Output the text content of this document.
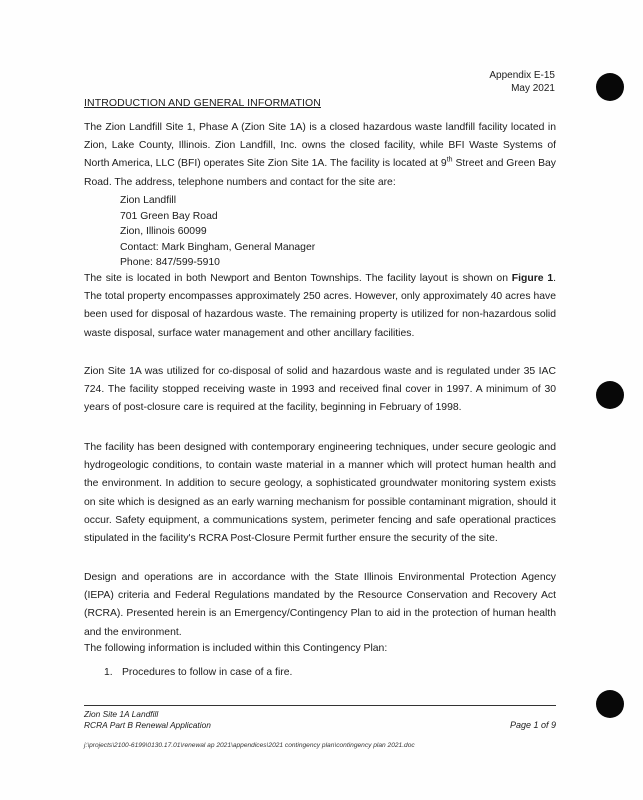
Appendix E-15
May 2021
INTRODUCTION AND GENERAL INFORMATION
The Zion Landfill Site 1, Phase A (Zion Site 1A) is a closed hazardous waste landfill facility located in Zion, Lake County, Illinois. Zion Landfill, Inc. owns the closed facility, while BFI Waste Systems of North America, LLC (BFI) operates Site Zion Site 1A. The facility is located at 9th Street and Green Bay Road. The address, telephone numbers and contact for the site are:
Zion Landfill
701 Green Bay Road
Zion, Illinois 60099
Contact: Mark Bingham, General Manager
Phone: 847/599-5910
The site is located in both Newport and Benton Townships. The facility layout is shown on Figure 1. The total property encompasses approximately 250 acres. However, only approximately 40 acres have been used for disposal of hazardous waste. The remaining property is utilized for non-hazardous solid waste disposal, surface water management and other ancillary facilities.
Zion Site 1A was utilized for co-disposal of solid and hazardous waste and is regulated under 35 IAC 724. The facility stopped receiving waste in 1993 and received final cover in 1997. A minimum of 30 years of post-closure care is required at the facility, beginning in February of 1998.
The facility has been designed with contemporary engineering techniques, under secure geologic and hydrogeologic conditions, to contain waste material in a manner which will protect human health and the environment. In addition to secure geology, a sophisticated groundwater monitoring system exists on site which is designed as an early warning mechanism for possible contaminant migration, should it occur. Safety equipment, a communications system, perimeter fencing and safe operational practices stipulated in the facility's RCRA Post-Closure Permit further ensure the security of the site.
Design and operations are in accordance with the State Illinois Environmental Protection Agency (IEPA) criteria and Federal Regulations mandated by the Resource Conservation and Recovery Act (RCRA). Presented herein is an Emergency/Contingency Plan to aid in the protection of human health and the environment.
The following information is included within this Contingency Plan:
1. Procedures to follow in case of a fire.
Zion Site 1A Landfill
RCRA Part B Renewal Application	Page 1 of 9
j:\projects\2100-6199\0130.17.01\renewal ap 2021\appendices\2021 contingency plan\contingency plan 2021.doc
